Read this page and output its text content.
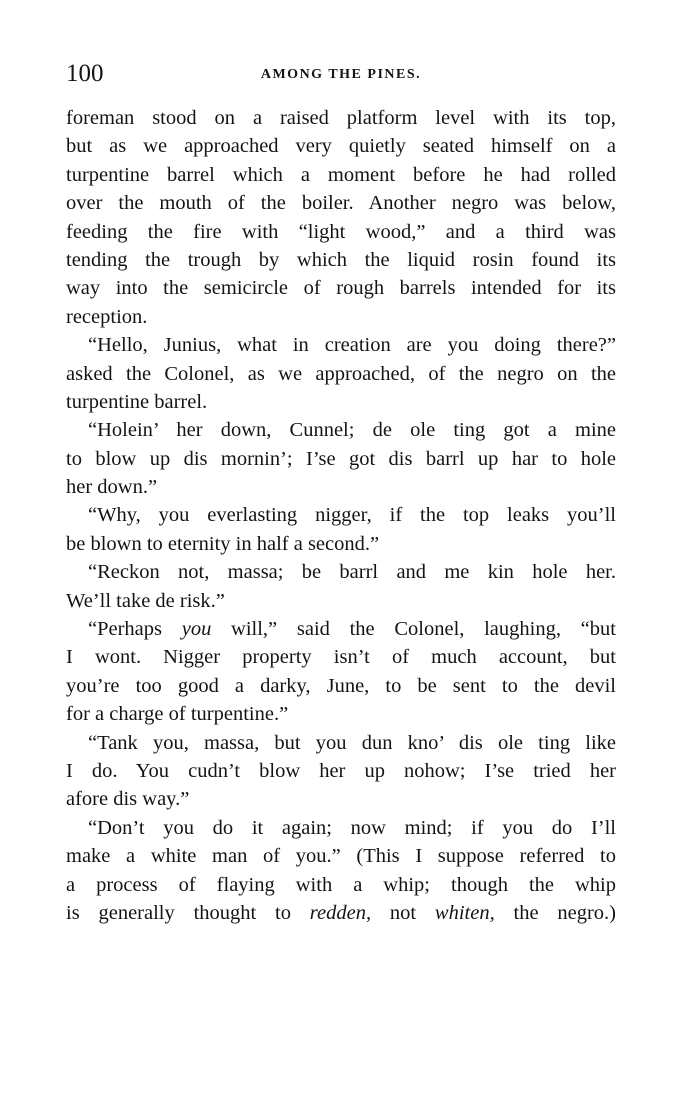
100	AMONG THE PINES.
foreman stood on a raised platform level with its top,
but as we approached very quietly seated himself on a
turpentine barrel which a moment before he had rolled
over the mouth of the boiler. Another negro was below,
feeding the fire with “light wood,” and a third was
tending the trough by which the liquid rosin found its
way into the semicircle of rough barrels intended for its
reception.
“Hello, Junius, what in creation are you doing there?”
asked the Colonel, as we approached, of the negro on the
turpentine barrel.
“Holein’ her down, Cunnel; de ole ting got a mine
to blow up dis mornin’; I’se got dis barrl up har to hole
her down.”
“Why, you everlasting nigger, if the top leaks you’ll
be blown to eternity in half a second.”
“Reckon not, massa; be barrl and me kin hole her.
We’ll take de risk.”
“Perhaps you will,” said the Colonel, laughing, “but
I wont. Nigger property isn’t of much account, but
you’re too good a darky, June, to be sent to the devil
for a charge of turpentine.”
“Tank you, massa, but you dun kno’ dis ole ting like
I do. You cudn’t blow her up nohow; I’se tried her
afore dis way.”
“Don’t you do it again; now mind; if you do I’ll
make a white man of you.” (This I suppose referred to
a process of flaying with a whip; though the whip
is generally thought to redden, not whiten, the negro.)
